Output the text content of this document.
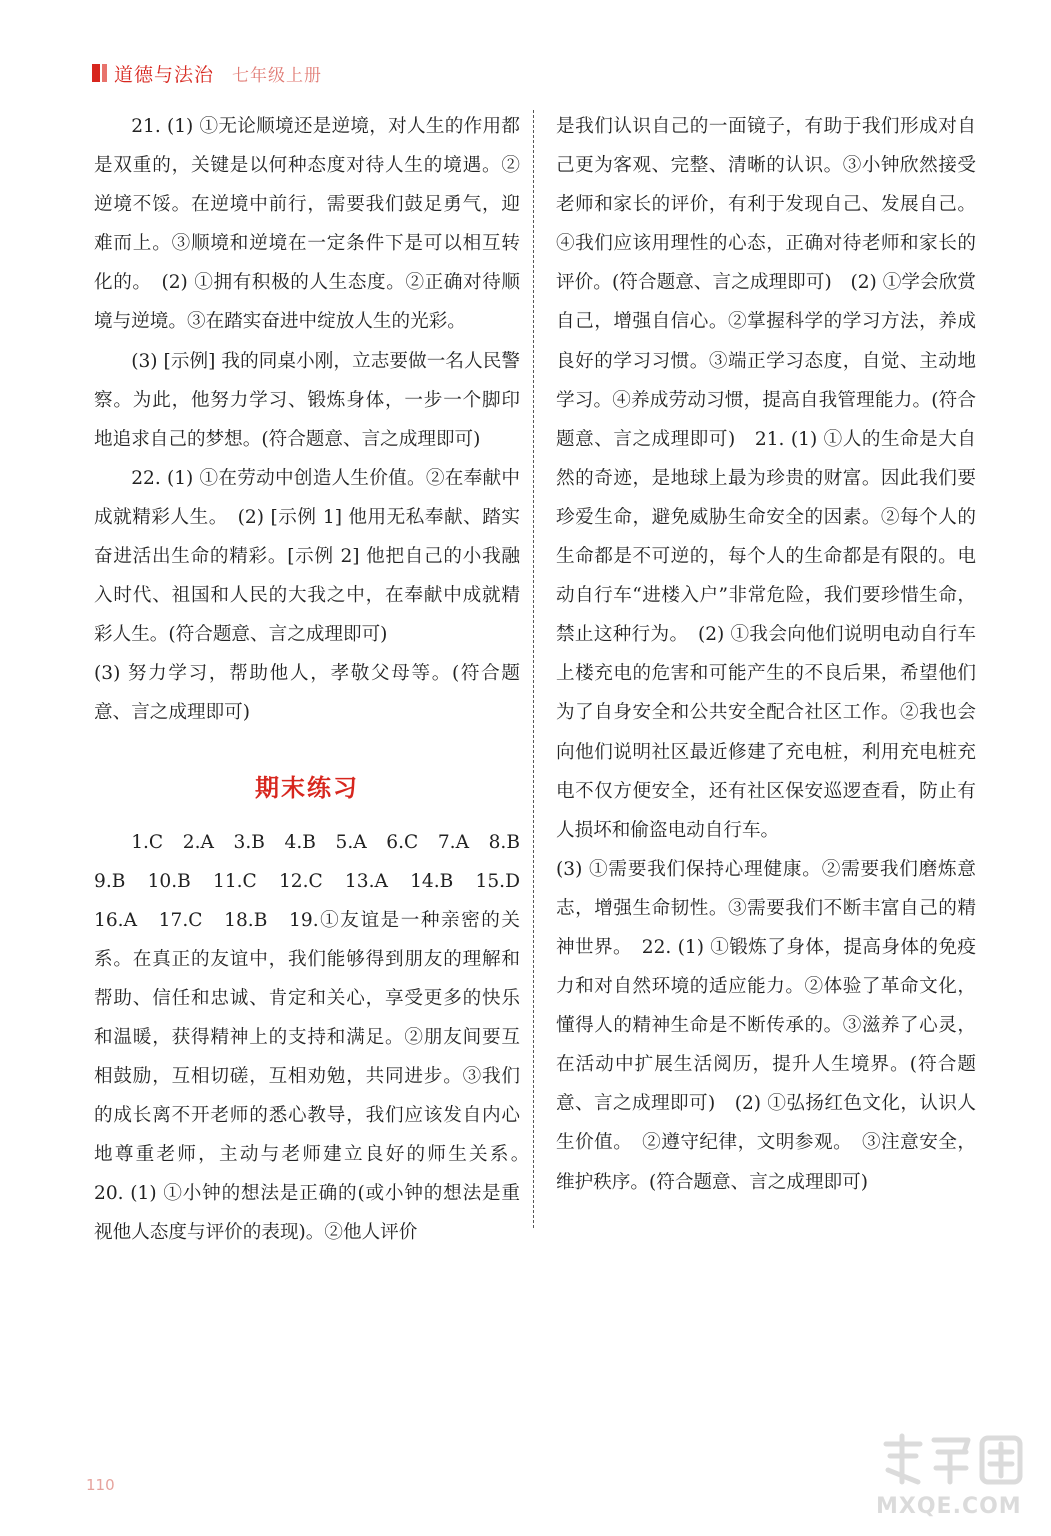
道德与法治 七年级上册

21. (1) ①无论顺境还是逆境，对人生的作用都是双重的，关键是以何种态度对待人生的境遇。②逆境不馁。在逆境中前行，需要我们鼓足勇气，迎难而上。③顺境和逆境在一定条件下是可以相互转化的。　(2) ①拥有积极的人生态度。②正确对待顺境与逆境。③在踏实奋进中绽放人生的光彩。

(3) [示例] 我的同桌小刚，立志要做一名人民警察。为此，他努力学习、锻炼身体，一步一个脚印地追求自己的梦想。(符合题意、言之成理即可)

22. (1) ①在劳动中创造人生价值。②在奉献中成就精彩人生。　(2) [示例 1] 他用无私奉献、踏实奋进活出生命的精彩。[示例 2] 他把自己的小我融入时代、祖国和人民的大我之中，在奉献中成就精彩人生。(符合题意、言之成理即可)

(3) 努力学习，帮助他人，孝敬父母等。(符合题意、言之成理即可)

期末练习

1.C　2.A　3.B　4.B　5.A　6.C　7.A　8.B　9.B　10.B　11.C　12.C　13.A　14.B　15.D　16.A　17.C　18.B　19.①友谊是一种亲密的关系。在真正的友谊中，我们能够得到朋友的理解和帮助、信任和忠诚、肯定和关心，享受更多的快乐和温暖，获得精神上的支持和满足。②朋友间要互相鼓励，互相切磋，互相劝勉，共同进步。③我们的成长离不开老师的悉心教导，我们应该发自内心地尊重老师，主动与老师建立良好的师生关系。　20. (1) ①小钟的想法是正确的(或小钟的想法是重视他人态度与评价的表现)。②他人评价

是我们认识自己的一面镜子，有助于我们形成对自己更为客观、完整、清晰的认识。③小钟欣然接受老师和家长的评价，有利于发现自己、发展自己。④我们应该用理性的心态，正确对待老师和家长的评价。(符合题意、言之成理即可)　(2) ①学会欣赏自己，增强自信心。②掌握科学的学习方法，养成良好的学习习惯。③端正学习态度，自觉、主动地学习。④养成劳动习惯，提高自我管理能力。(符合题意、言之成理即可)　21. (1) ①人的生命是大自然的奇迹，是地球上最为珍贵的财富。因此我们要珍爱生命，避免威胁生命安全的因素。②每个人的生命都是不可逆的，每个人的生命都是有限的。电动自行车“进楼入户”非常危险，我们要珍惜生命，禁止这种行为。　(2) ①我会向他们说明电动自行车上楼充电的危害和可能产生的不良后果，希望他们为了自身安全和公共安全配合社区工作。②我也会向他们说明社区最近修建了充电桩，利用充电桩充电不仅方便安全，还有社区保安巡逻查看，防止有人损坏和偷盗电动自行车。

(3) ①需要我们保持心理健康。②需要我们磨炼意志，增强生命韧性。③需要我们不断丰富自己的精神世界。　22. (1) ①锻炼了身体，提高身体的免疫力和对自然环境的适应能力。②体验了革命文化，懂得人的精神生命是不断传承的。③滋养了心灵，在活动中扩展生活阅历，提升人生境界。(符合题意、言之成理即可)　(2) ①弘扬红色文化，认识人生价值。　②遵守纪律，文明参观。　③注意安全，维护秩序。(符合题意、言之成理即可)

110
MXQE.COM
